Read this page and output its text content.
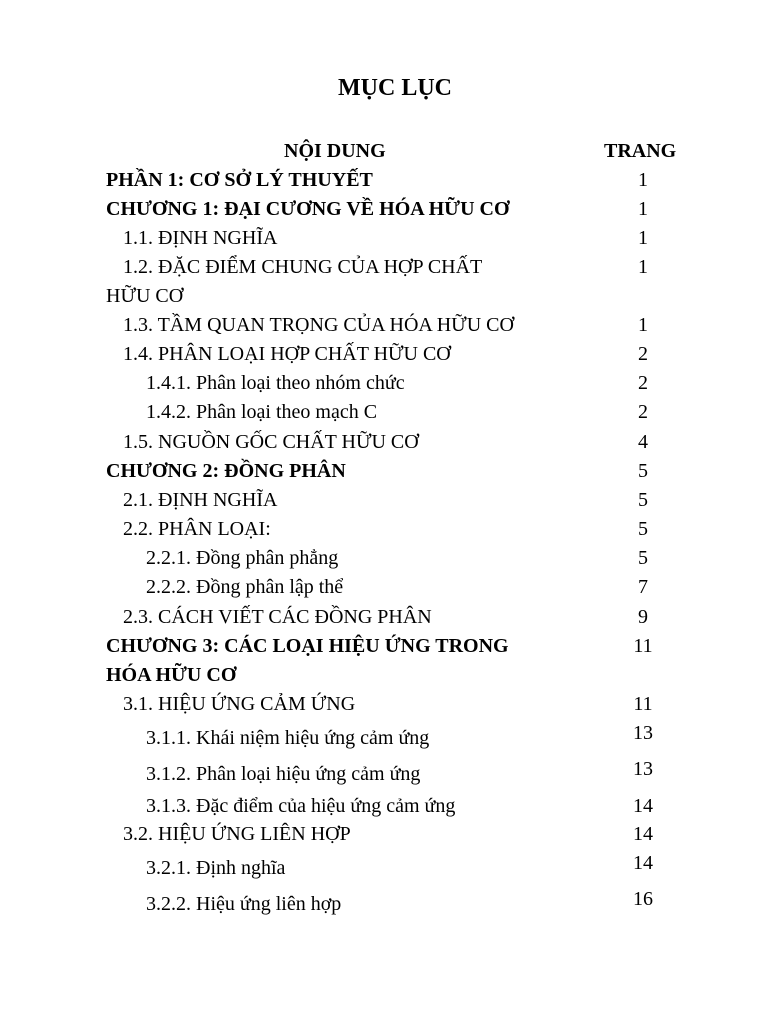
MỤC LỤC
NỘI DUNG	TRANG
PHẦN 1: CƠ SỞ LÝ THUYẾT	1
CHƯƠNG 1: ĐẠI CƯƠNG VỀ HÓA HỮU CƠ	1
1.1. ĐỊNH NGHĨA	1
1.2. ĐẶC ĐIỂM CHUNG CỦA HỢP CHẤT	1
HỮU CƠ
1.3. TẦM QUAN TRỌNG CỦA HÓA HỮU CƠ	1
1.4. PHÂN LOẠI HỢP CHẤT HỮU CƠ	2
1.4.1. Phân loại theo nhóm chức	2
1.4.2. Phân loại theo mạch C	2
1.5. NGUỒN GỐC CHẤT HỮU CƠ	4
CHƯƠNG 2: ĐỒNG PHÂN	5
2.1. ĐỊNH NGHĨA	5
2.2. PHÂN LOẠI:	5
2.2.1. Đồng phân phẳng	5
2.2.2. Đồng phân lập thể	7
2.3. CÁCH VIẾT CÁC ĐỒNG PHÂN	9
CHƯƠNG 3: CÁC LOẠI HIỆU ỨNG TRONG	11
HÓA HỮU CƠ
3.1. HIỆU ỨNG CẢM ỨNG	11
3.1.1. Khái niệm hiệu ứng cảm ứng	13
3.1.2. Phân loại hiệu ứng cảm ứng	13
3.1.3. Đặc điểm của hiệu ứng cảm ứng	14
3.2. HIỆU ỨNG LIÊN HỢP	14
3.2.1. Định nghĩa	14
3.2.2. Hiệu ứng liên hợp	16
